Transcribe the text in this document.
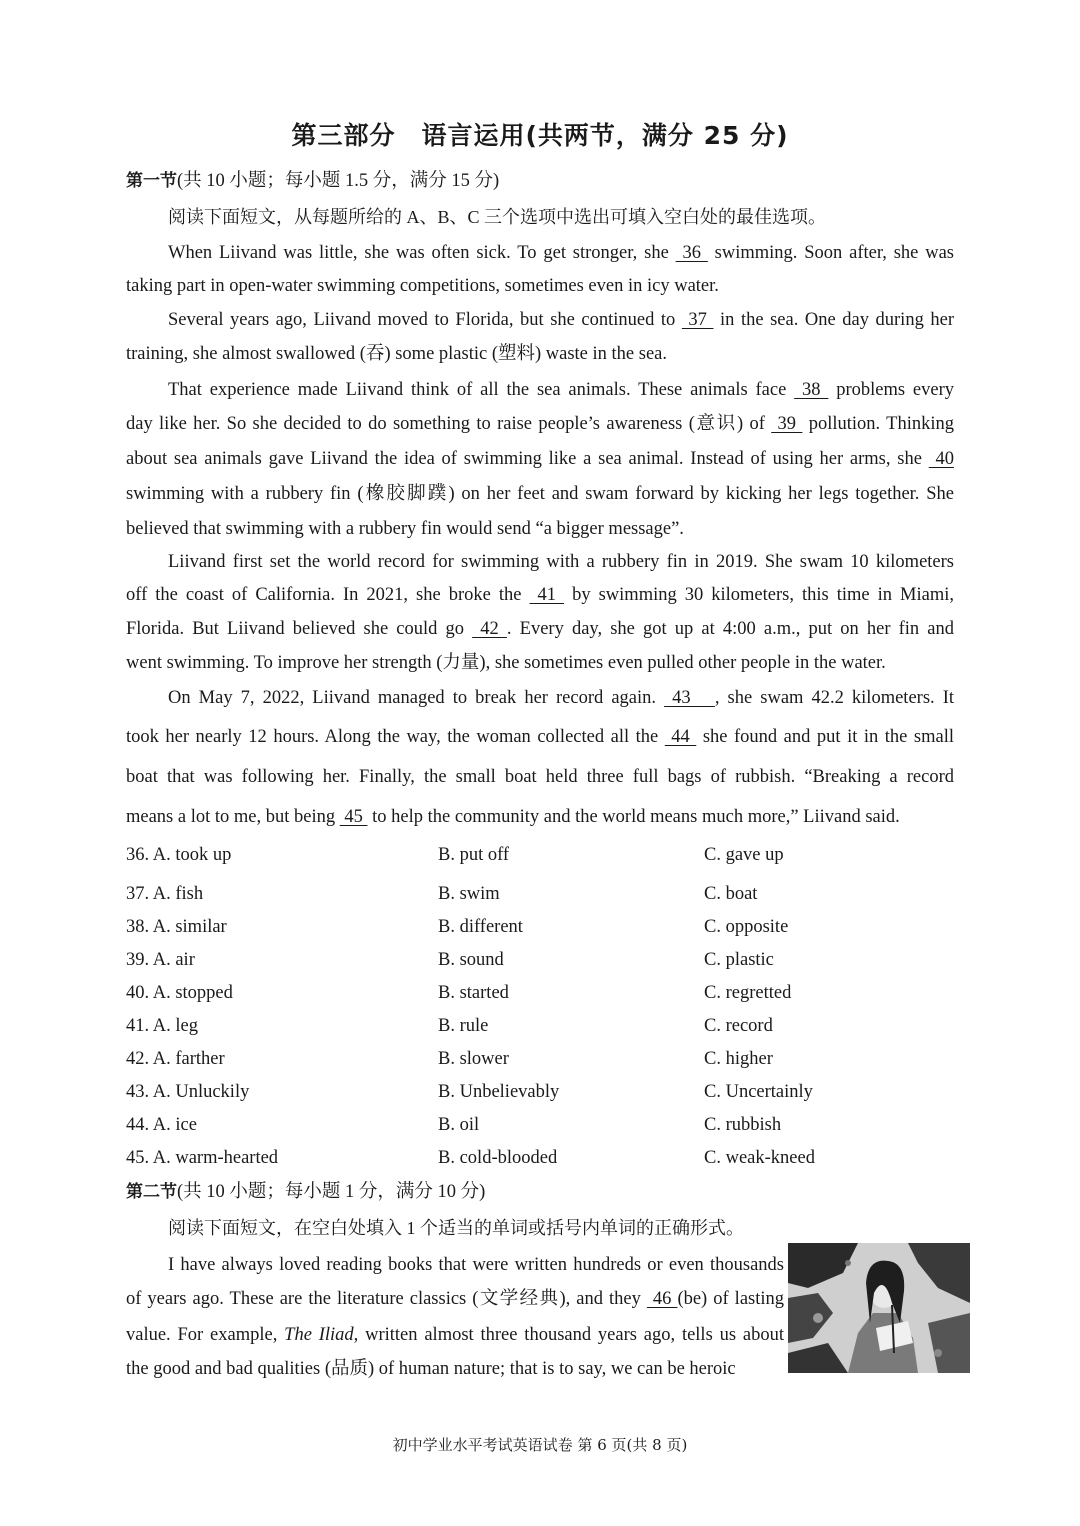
第三部分　语言运用(共两节，满分 25 分)
第一节(共 10 小题；每小题 1.5 分，满分 15 分)
阅读下面短文，从每题所给的 A、B、C 三个选项中选出可填入空白处的最佳选项。
When Liivand was little, she was often sick. To get stronger, she  36  swimming. Soon after, she was
taking part in open-water swimming competitions, sometimes even in icy water.
Several years ago, Liivand moved to Florida, but she continued to  37  in the sea. One day during her
training, she almost swallowed (吞) some plastic (塑料) waste in the sea.
That experience made Liivand think of all the sea animals. These animals face  38  problems every
day like her. So she decided to do something to raise people’s awareness (意识) of  39  pollution. Thinking
about sea animals gave Liivand the idea of swimming like a sea animal. Instead of using her arms, she  40
swimming with a rubbery fin (橡胶脚蹼) on her feet and swam forward by kicking her legs together. She
believed that swimming with a rubbery fin would send “a bigger message”.
Liivand first set the world record for swimming with a rubbery fin in 2019. She swam 10 kilometers
off the coast of California. In 2021, she broke the  41  by swimming 30 kilometers, this time in Miami,
Florida. But Liivand believed she could go  42 . Every day, she got up at 4:00 a.m., put on her fin and
went swimming. To improve her strength (力量), she sometimes even pulled other people in the water.
On May 7, 2022, Liivand managed to break her record again.  43   , she swam 42.2 kilometers. It
took her nearly 12 hours. Along the way, the woman collected all the  44  she found and put it in the small
boat that was following her. Finally, the small boat held three full bags of rubbish. “Breaking a record
means a lot to me, but being  45  to help the community and the world means much more,” Liivand said.
36. A. took up	B. put off	C. gave up
37. A. fish	B. swim	C. boat
38. A. similar	B. different	C. opposite
39. A. air	B. sound	C. plastic
40. A. stopped	B. started	C. regretted
41. A. leg	B. rule	C. record
42. A. farther	B. slower	C. higher
43. A. Unluckily	B. Unbelievably	C. Uncertainly
44. A. ice	B. oil	C. rubbish
45. A. warm-hearted	B. cold-blooded	C. weak-kneed
第二节(共 10 小题；每小题 1 分，满分 10 分)
阅读下面短文，在空白处填入 1 个适当的单词或括号内单词的正确形式。
I have always loved reading books that were written hundreds or even thousands
of years ago. These are the literature classics (文学经典), and they  46 (be) of lasting
value. For example, The Iliad, written almost three thousand years ago, tells us about
the good and bad qualities (品质) of human nature; that is to say, we can be heroic
初中学业水平考试英语试卷 第 6 页(共 8 页)
